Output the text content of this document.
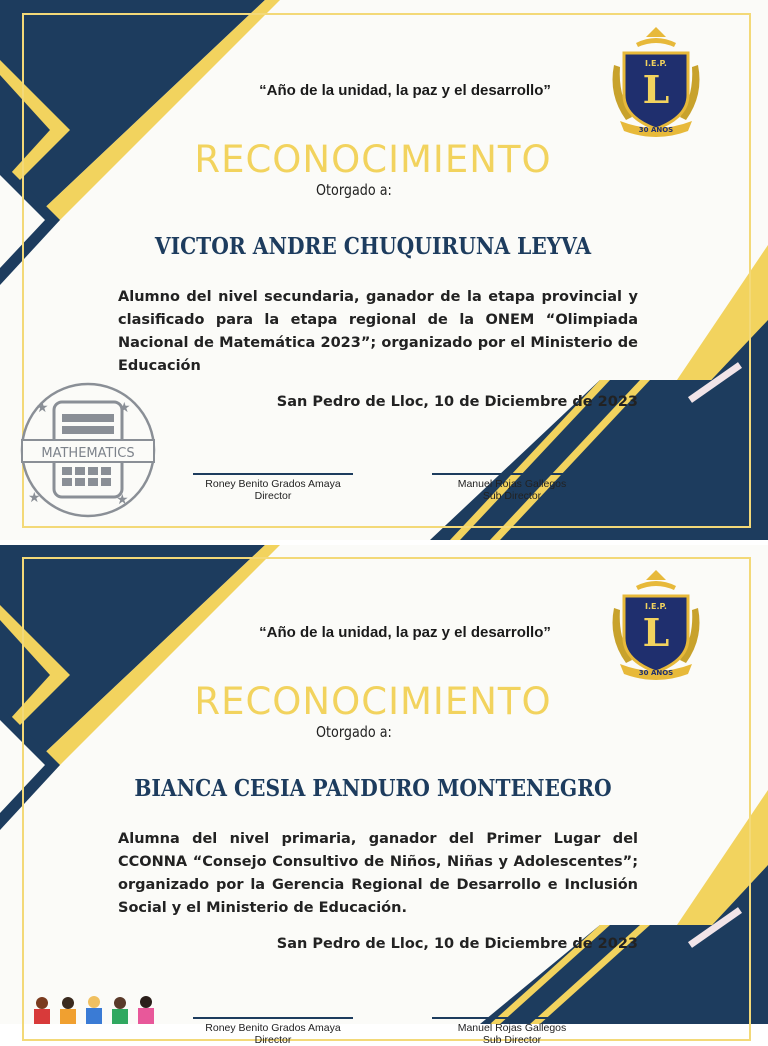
MATHEMATICS
★	★
★	★
I.E.P.
L
30 AÑOS
“Año de la unidad, la paz y el desarrollo”
RECONOCIMIENTO
Otorgado a:
VICTOR ANDRE CHUQUIRUNA LEYVA
Alumno del nivel secundaria, ganador de la etapa provincial y clasificado para la etapa regional de la ONEM “Olimpiada Nacional de Matemática 2023”; organizado por el Ministerio de Educación
San Pedro de Lloc, 10 de Diciembre de 2023
Roney Benito Grados Amaya
Director
Manuel Rojas Gallegos
Sub Director
I.E.P.
L
30 AÑOS
“Año de la unidad, la paz y el desarrollo”
RECONOCIMIENTO
Otorgado a:
BIANCA CESIA PANDURO MONTENEGRO
Alumna del nivel primaria, ganador del Primer Lugar del CCONNA “Consejo Consultivo de Niños, Niñas y Adolescentes”; organizado por la Gerencia Regional de Desarrollo e Inclusión Social y el Ministerio de Educación.
San Pedro de Lloc, 10 de Diciembre de 2023
Roney Benito Grados Amaya
Director
Manuel Rojas Gallegos
Sub Director
